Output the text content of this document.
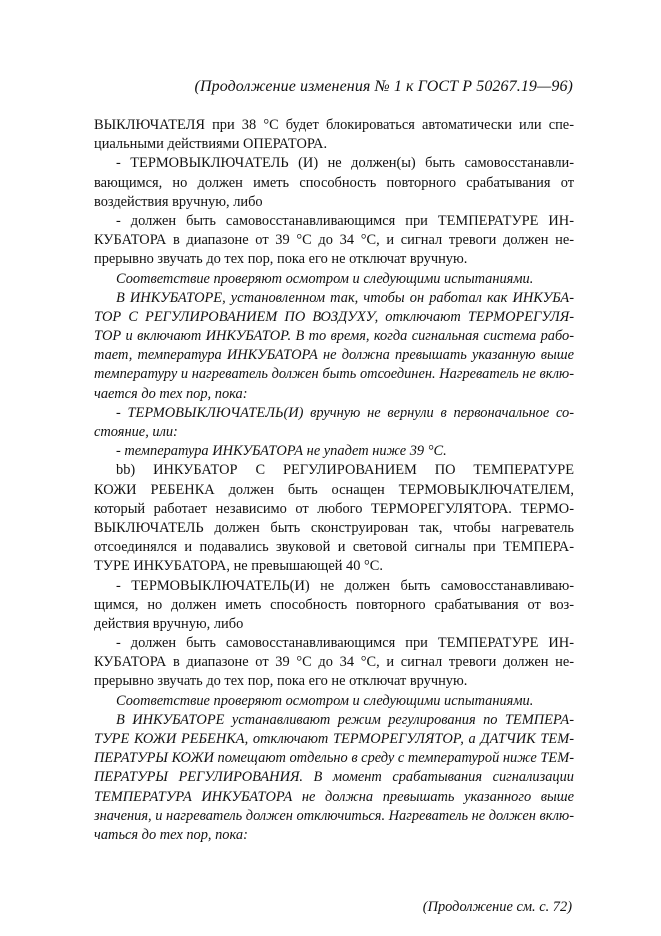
(Продолжение изменения № 1 к ГОСТ Р 50267.19—96)
ВЫКЛЮЧАТЕЛЯ при 38 °С будет блокироваться автоматически или спе-
циальными действиями ОПЕРАТОРА.
- ТЕРМОВЫКЛЮЧАТЕЛЬ (И) не должен(ы) быть самовосстанавли-
вающимся, но должен иметь способность повторного срабатывания от
воздействия вручную, либо
- должен быть самовосстанавливающимся при ТЕМПЕРАТУРЕ ИН-
КУБАТОРА в диапазоне от 39 °С до 34 °С, и сигнал тревоги должен не-
прерывно звучать до тех пор, пока его не отключат вручную.
Соответствие проверяют осмотром и следующими испытаниями.
В ИНКУБАТОРЕ, установленном так, чтобы он работал как ИНКУБА-
ТОР С РЕГУЛИРОВАНИЕМ ПО ВОЗДУХУ, отключают ТЕРМОРЕГУЛЯ-
ТОР и включают ИНКУБАТОР. В то время, когда сигнальная система рабо-
тает, температура ИНКУБАТОРА не должна превышать указанную выше
температуру и нагреватель должен быть отсоединен. Нагреватель не вклю-
чается до тех пор, пока:
- ТЕРМОВЫКЛЮЧАТЕЛЬ(И) вручную не вернули в первоначальное со-
стояние, или:
- температура ИНКУБАТОРА не упадет ниже 39 °С.
bb) ИНКУБАТОР С РЕГУЛИРОВАНИЕМ ПО ТЕМПЕРАТУРЕ
КОЖИ РЕБЕНКА должен быть оснащен ТЕРМОВЫКЛЮЧАТЕЛЕМ,
который работает независимо от любого ТЕРМОРЕГУЛЯТОРА. ТЕРМО-
ВЫКЛЮЧАТЕЛЬ должен быть сконструирован так, чтобы нагреватель
отсоединялся и подавались звуковой и световой сигналы при ТЕМПЕРА-
ТУРЕ ИНКУБАТОРА, не превышающей 40 °С.
- ТЕРМОВЫКЛЮЧАТЕЛЬ(И) не должен быть самовосстанавливаю-
щимся, но должен иметь способность повторного срабатывания от воз-
действия вручную, либо
- должен быть самовосстанавливающимся при ТЕМПЕРАТУРЕ ИН-
КУБАТОРА в диапазоне от 39 °С до 34 °С, и сигнал тревоги должен не-
прерывно звучать до тех пор, пока его не отключат вручную.
Соответствие проверяют осмотром и следующими испытаниями.
В ИНКУБАТОРЕ устанавливают режим регулирования по ТЕМПЕРА-
ТУРЕ КОЖИ РЕБЕНКА, отключают ТЕРМОРЕГУЛЯТОР, а ДАТЧИК ТЕМ-
ПЕРАТУРЫ КОЖИ помещают отдельно в среду с температурой ниже ТЕМ-
ПЕРАТУРЫ РЕГУЛИРОВАНИЯ. В момент срабатывания сигнализации
ТЕМПЕРАТУРА ИНКУБАТОРА не должна превышать указанного выше
значения, и нагреватель должен отключиться. Нагреватель не должен вклю-
чаться до тех пор, пока:
(Продолжение см. с. 72)
